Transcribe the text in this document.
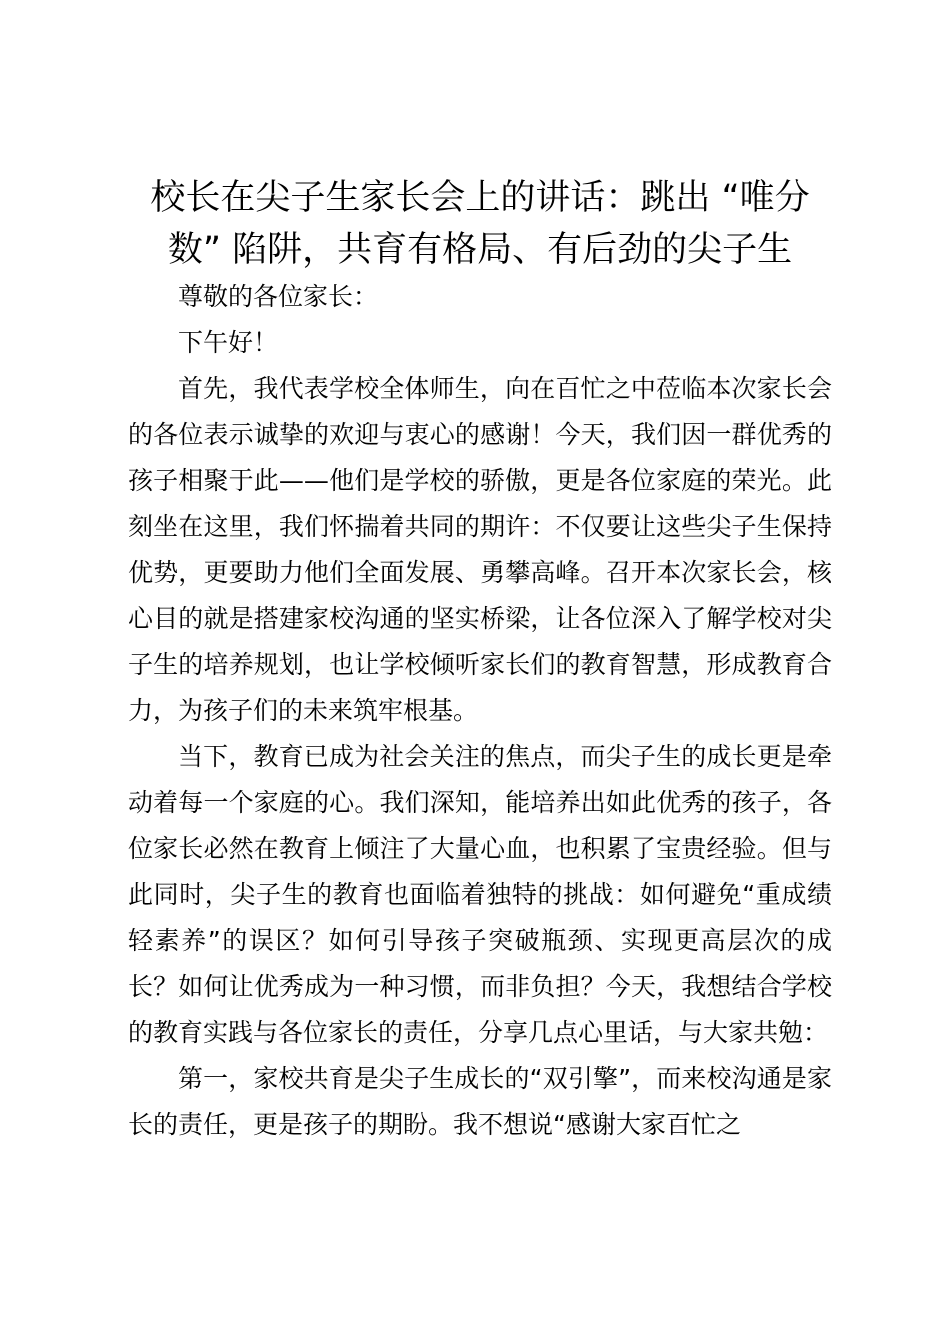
校长在尖子生家长会上的讲话：跳出 “唯分数” 陷阱，共育有格局、有后劲的尖子生

尊敬的各位家长：

下午好！

首先，我代表学校全体师生，向在百忙之中莅临本次家长会的各位表示诚挚的欢迎与衷心的感谢！今天，我们因一群优秀的孩子相聚于此——他们是学校的骄傲，更是各位家庭的荣光。此刻坐在这里，我们怀揣着共同的期许：不仅要让这些尖子生保持优势，更要助力他们全面发展、勇攀高峰。召开本次家长会，核心目的就是搭建家校沟通的坚实桥梁，让各位深入了解学校对尖子生的培养规划，也让学校倾听家长们的教育智慧，形成教育合力，为孩子们的未来筑牢根基。

当下，教育已成为社会关注的焦点，而尖子生的成长更是牵动着每一个家庭的心。我们深知，能培养出如此优秀的孩子，各位家长必然在教育上倾注了大量心血，也积累了宝贵经验。但与此同时，尖子生的教育也面临着独特的挑战：如何避免“重成绩轻素养”的误区？如何引导孩子突破瓶颈、实现更高层次的成长？如何让优秀成为一种习惯，而非负担？今天，我想结合学校的教育实践与各位家长的责任，分享几点心里话，与大家共勉：

第一，家校共育是尖子生成长的“双引擎”，而来校沟通是家长的责任，更是孩子的期盼。我不想说“感谢大家百忙之
